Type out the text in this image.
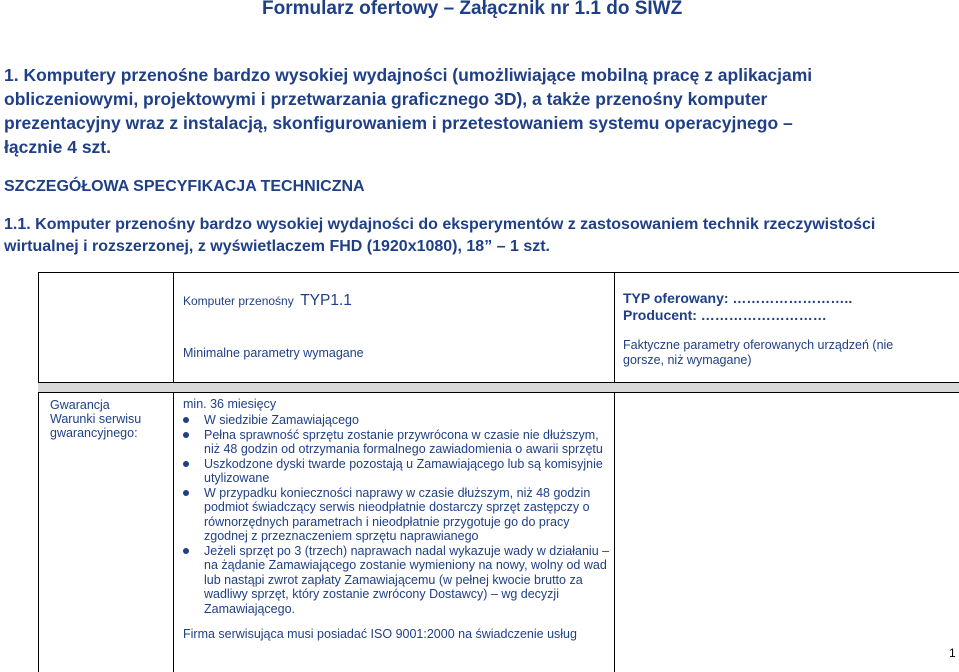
Formularz ofertowy – Załącznik nr 1.1 do SIWZ
1. Komputery przenośne bardzo wysokiej wydajności (umożliwiające mobilną pracę z aplikacjami
obliczeniowymi, projektowymi i przetwarzania graficznego 3D), a także przenośny komputer
prezentacyjny wraz z instalacją, skonfigurowaniem i przetestowaniem systemu operacyjnego –
łącznie 4 szt.
SZCZEGÓŁOWA SPECYFIKACJA TECHNICZNA
1.1. Komputer przenośny bardzo wysokiej wydajności do eksperymentów z zastosowaniem technik rzeczywistości
wirtualnej i rozszerzonej, z wyświetlaczem FHD (1920x1080), 18” – 1 szt.
Komputer przenośny TYP1.1	TYP oferowany: ……………………..
Producent: ………………………
Minimalne parametry wymagane
Faktyczne parametry oferowanych urządzeń (nie
gorsze, niż wymagane)
Gwarancja
Warunki serwisu
gwarancyjnego:
min. 36 miesięcy
W siedzibie Zamawiającego
Pełna sprawność sprzętu zostanie przywrócona w czasie nie dłuższym, niż 48 godzin od otrzymania formalnego zawiadomienia o awarii sprzętu
Uszkodzone dyski twarde pozostają u Zamawiającego lub są komisyjnie utylizowane
W przypadku konieczności naprawy w czasie dłuższym, niż 48 godzin podmiot świadczący serwis nieodpłatnie dostarczy sprzęt zastępczy o równorzędnych parametrach i nieodpłatnie przygotuje go do pracy zgodnej z przeznaczeniem sprzętu naprawianego
Jeżeli sprzęt po 3 (trzech) naprawach nadal wykazuje wady w działaniu – na żądanie Zamawiającego zostanie wymieniony na nowy, wolny od wad lub nastąpi zwrot zapłaty Zamawiającemu (w pełnej kwocie brutto za wadliwy sprzęt, który zostanie zwrócony Dostawcy) – wg decyzji Zamawiającego.
Firma serwisująca musi posiadać ISO 9001:2000 na świadczenie usług
1
